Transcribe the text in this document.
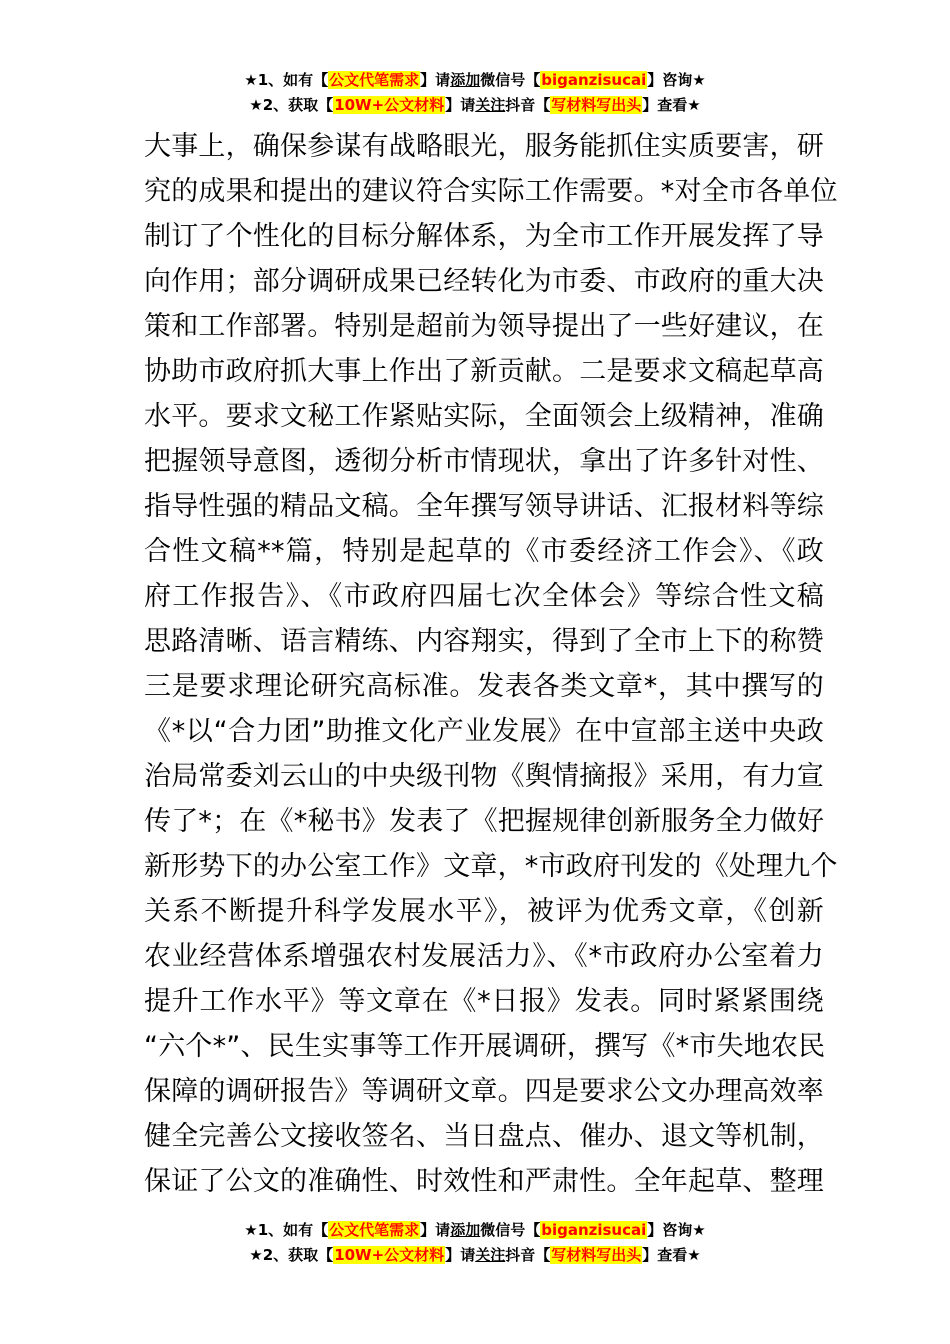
★1、如有【公文代笔需求】请添加微信号【biganzisucai】咨询★
★2、获取【10W+公文材料】请关注抖音【写材料写出头】查看★
大事上，确保参谋有战略眼光，服务能抓住实质要害，研
究的成果和提出的建议符合实际工作需要。*对全市各单位
制订了个性化的目标分解体系，为全市工作开展发挥了导
向作用；部分调研成果已经转化为市委、市政府的重大决
策和工作部署。特别是超前为领导提出了一些好建议，在
协助市政府抓大事上作出了新贡献。二是要求文稿起草高
水平。要求文秘工作紧贴实际，全面领会上级精神，准确
把握领导意图，透彻分析市情现状，拿出了许多针对性、
指导性强的精品文稿。全年撰写领导讲话、汇报材料等综
合性文稿**篇，特别是起草的《市委经济工作会》、《政
府工作报告》、《市政府四届七次全体会》等综合性文稿
思路清晰、语言精练、内容翔实，得到了全市上下的称赞
三是要求理论研究高标准。发表各类文章*，其中撰写的
《*以“合力团”助推文化产业发展》在中宣部主送中央政
治局常委刘云山的中央级刊物《舆情摘报》采用，有力宣
传了*；在《*秘书》发表了《把握规律创新服务全力做好
新形势下的办公室工作》文章，*市政府刊发的《处理九个
关系不断提升科学发展水平》，被评为优秀文章，《创新
农业经营体系增强农村发展活力》、《*市政府办公室着力
提升工作水平》等文章在《*日报》发表。同时紧紧围绕
“六个*”、民生实事等工作开展调研，撰写《*市失地农民
保障的调研报告》等调研文章。四是要求公文办理高效率
健全完善公文接收签名、当日盘点、催办、退文等机制，
保证了公文的准确性、时效性和严肃性。全年起草、整理
★1、如有【公文代笔需求】请添加微信号【biganzisucai】咨询★
★2、获取【10W+公文材料】请关注抖音【写材料写出头】查看★
